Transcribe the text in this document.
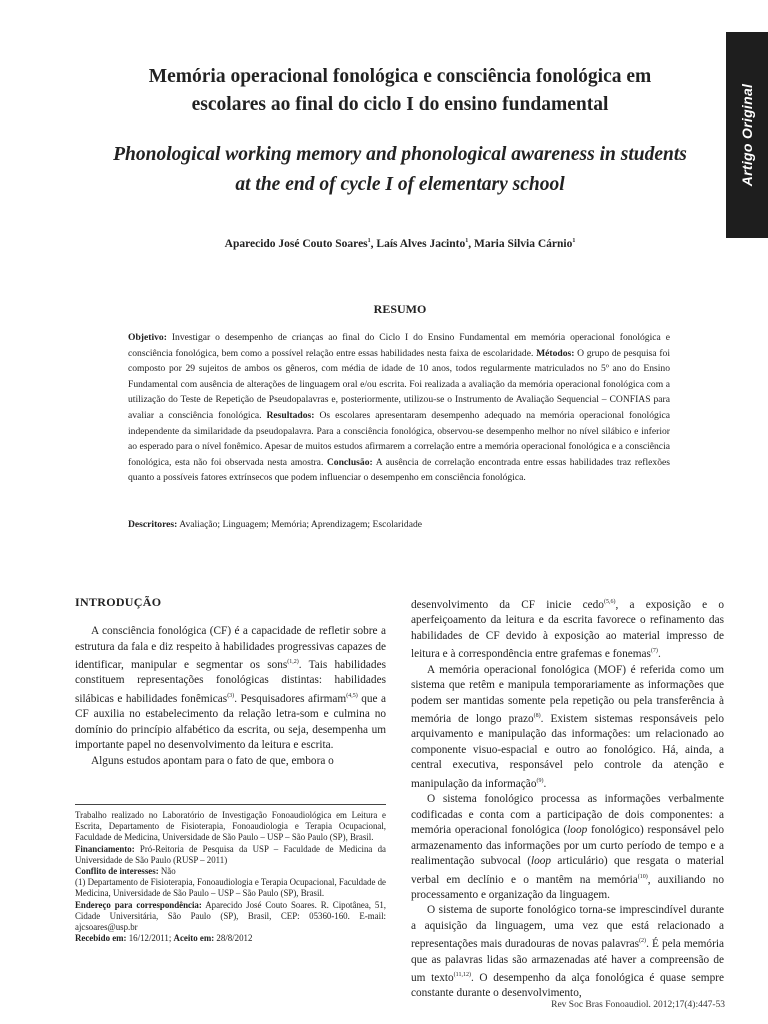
Artigo Original
Memória operacional fonológica e consciência fonológica em escolares ao final do ciclo I do ensino fundamental
Phonological working memory and phonological awareness in students at the end of cycle I of elementary school
Aparecido José Couto Soares$^1$, Laís Alves Jacinto$^1$, Maria Silvia Cárnio$^1$
RESUMO

Objetivo: Investigar o desempenho de crianças ao final do Ciclo I do Ensino Fundamental em memória operacional fonológica e consciência fonológica, bem como a possível relação entre essas habilidades nesta faixa de escolaridade. Métodos: O grupo de pesquisa foi composto por 29 sujeitos de ambos os gêneros, com média de idade de 10 anos, todos regularmente matriculados no 5º ano do Ensino Fundamental com ausência de alterações de linguagem oral e/ou escrita. Foi realizada a avaliação da memória operacional fonológica com a utilização do Teste de Repetição de Pseudopalavras e, posteriormente, utilizou-se o Instrumento de Avaliação Sequencial – CONFIAS para avaliar a consciência fonológica. Resultados: Os escolares apresentaram desempenho adequado na memória operacional fonológica independente da similaridade da pseudopalavra. Para a consciência fonológica, observou-se desempenho melhor no nível silábico e inferior ao esperado para o nível fonêmico. Apesar de muitos estudos afirmarem a correlação entre a memória operacional fonológica e a consciência fonológica, esta não foi observada nesta amostra. Conclusão: A ausência de correlação encontrada entre essas habilidades traz reflexões quanto a possíveis fatores extrínsecos que podem influenciar o desempenho em consciência fonológica.

Descritores: Avaliação; Linguagem; Memória; Aprendizagem; Escolaridade

INTRODUÇÃO

A consciência fonológica (CF) é a capacidade de refletir sobre a estrutura da fala e diz respeito à habilidades progressivas capazes de identificar, manipular e segmentar os sons$^{(1,2)}$. Tais habilidades constituem representações fonológicas distintas: habilidades silábicas e habilidades fonêmicas$^{(3)}$. Pesquisadores afirmam$^{(4,5)}$ que a CF auxilia no estabelecimento da relação letra-som e culmina no domínio do princípio alfabético da escrita, ou seja, desempenha um importante papel no desenvolvimento da leitura e escrita.

Alguns estudos apontam para o fato de que, embora o

Trabalho realizado no Laboratório de Investigação Fonoaudiológica em Leitura e Escrita, Departamento de Fisioterapia, Fonoaudiologia e Terapia Ocupacional, Faculdade de Medicina, Universidade de São Paulo – USP – São Paulo (SP), Brasil.

Financiamento: Pró-Reitoria de Pesquisa da USP – Faculdade de Medicina da Universidade de São Paulo (RUSP – 2011)

Conflito de interesses: Não

(1) Departamento de Fisioterapia, Fonoaudiologia e Terapia Ocupacional, Faculdade de Medicina, Universidade de São Paulo – USP – São Paulo (SP), Brasil.

Endereço para correspondência: Aparecido José Couto Soares. R. Cipotânea, 51, Cidade Universitária, São Paulo (SP), Brasil, CEP: 05360-160. E-mail: ajcsoares@usp.br

Recebido em: 16/12/2011; Aceito em: 28/8/2012

desenvolvimento da CF inicie cedo$^{(5,6)}$, a exposição e o aperfeiçoamento da leitura e da escrita favorece o refinamento das habilidades de CF devido à exposição ao material impresso de leitura e à correspondência entre grafemas e fonemas$^{(7)}$.

A memória operacional fonológica (MOF) é referida como um sistema que retêm e manipula temporariamente as informações que podem ser mantidas somente pela repetição ou pela transferência à memória de longo prazo$^{(8)}$. Existem sistemas responsáveis pelo arquivamento e manipulação das informações: um relacionado ao componente visuo-espacial e outro ao fonológico. Há, ainda, a central executiva, responsável pelo controle da atenção e manipulação da informação$^{(9)}$.

O sistema fonológico processa as informações verbalmente codificadas e conta com a participação de dois componentes: a memória operacional fonológica (loop fonológico) responsável pelo armazenamento das informações por um curto período de tempo e a realimentação subvocal (loop articulário) que resgata o material verbal em declínio e o mantêm na memória$^{(10)}$, auxiliando no processamento e organização da linguagem.

O sistema de suporte fonológico torna-se imprescindível durante a aquisição da linguagem, uma vez que está relacionado a representações mais duradouras de novas palavras$^{(2)}$. É pela memória que as palavras lidas são armazenadas até haver a compreensão de um texto$^{(11,12)}$. O desempenho da alça fonológica é quase sempre constante durante o desenvolvimento,

Rev Soc Bras Fonoaudiol. 2012;17(4):447-53
